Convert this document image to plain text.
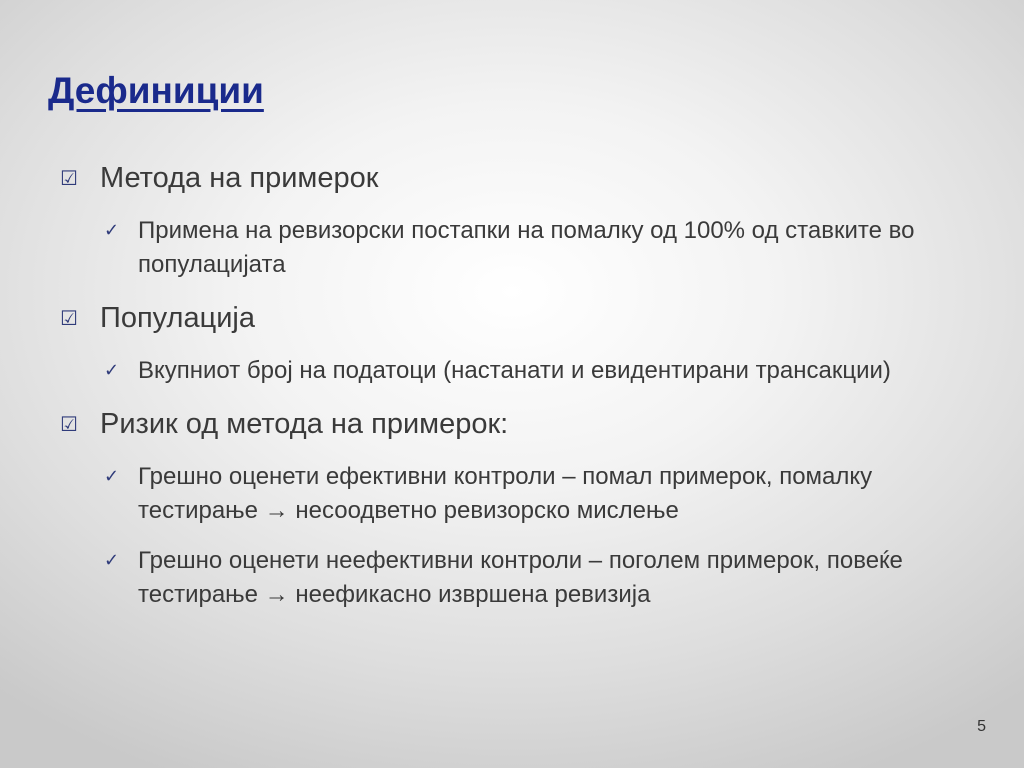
Дефиниции
☑ Метода на примерок
✓ Примена на ревизорски постапки на помалку од 100% од ставките во популацијата
☑ Популација
✓ Вкупниот број на податоци (настанати и евидентирани трансакции)
☑ Ризик од метода на примерок:
✓ Грешно оценети ефективни контроли – помал примерок, помалку тестирање → несоодветно ревизорско мислење
✓ Грешно оценети неефективни контроли – поголем примерок, повеќе тестирање → неефикасно извршена ревизија
5
